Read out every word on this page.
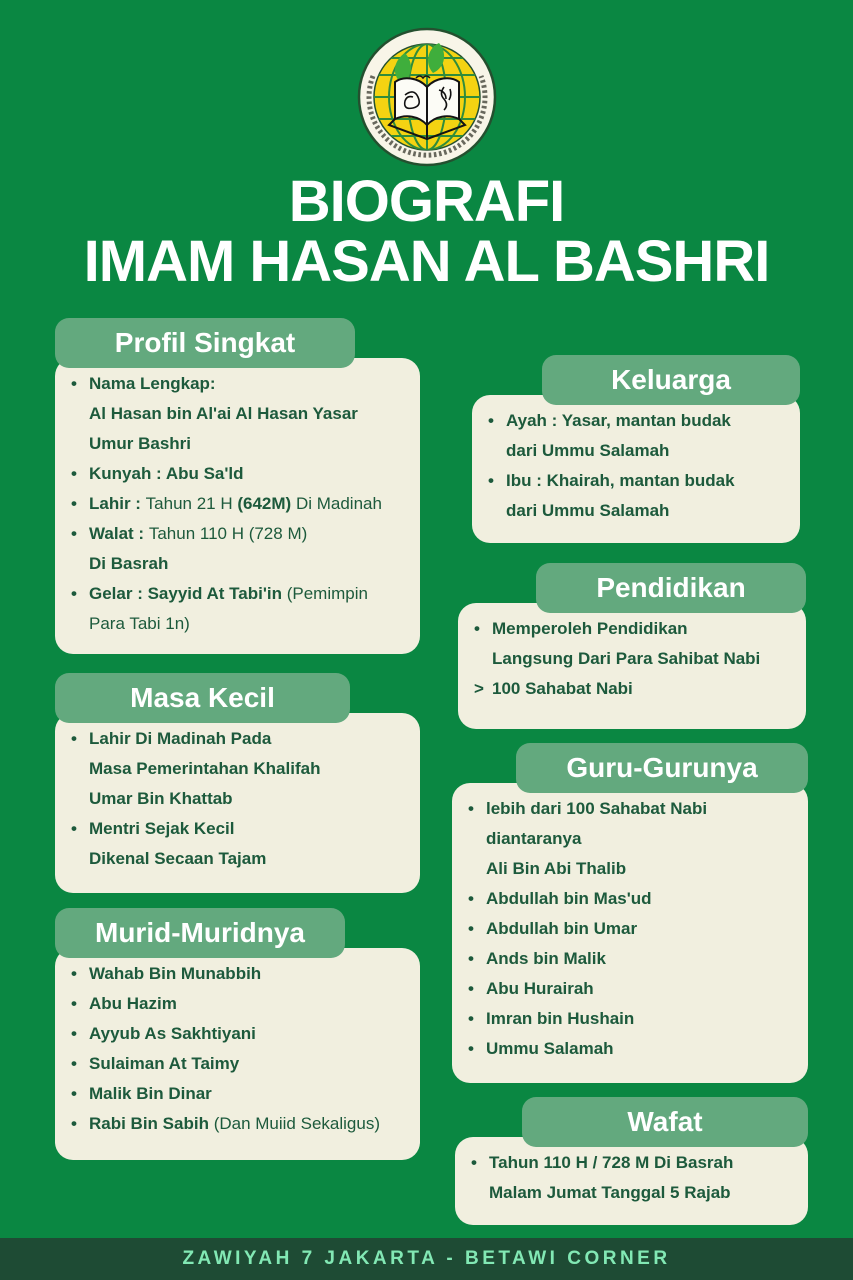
BIOGRAFI
IMAM HASAN AL BASHRI
Profil Singkat
• Nama Lengkap:
Al Hasan bin Al'ai Al Hasan Yasar
Umur Bashri
• Kunyah : Abu Sa'ld
• Lahir : Tahun 21 H (642M) Di Madinah
• Walat : Tahun 110 H (728 M)
Di Basrah
• Gelar : Sayyid At Tabi'in (Pemimpin
Para Tabi 1n)
Masa Kecil
• Lahir Di Madinah Pada
Masa Pemerintahan Khalifah
Umar Bin Khattab
• Mentri Sejak Kecil
Dikenal Secaan Tajam
Murid-Muridnya
• Wahab Bin Munabbih
• Abu Hazim
• Ayyub As Sakhtiyani
• Sulaiman At Taimy
• Malik Bin Dinar
• Rabi Bin Sabih (Dan Muiid Sekaligus)
Keluarga
• Ayah : Yasar, mantan budak
dari Ummu Salamah
• Ibu : Khairah, mantan budak
dari Ummu Salamah
Pendidikan
• Memperoleh Pendidikan
Langsung Dari Para Sahibat Nabi
> 100 Sahabat Nabi
Guru-Gurunya
• lebih dari 100 Sahabat Nabi
diantaranya
Ali Bin Abi Thalib
• Abdullah bin Mas'ud
• Abdullah bin Umar
• Ands bin Malik
• Abu Hurairah
• Imran bin Hushain
• Ummu Salamah
Wafat
• Tahun 110 H / 728 M Di Basrah
Malam Jumat Tanggal 5 Rajab
ZAWIYAH 7 JAKARTA - BETAWI CORNER
